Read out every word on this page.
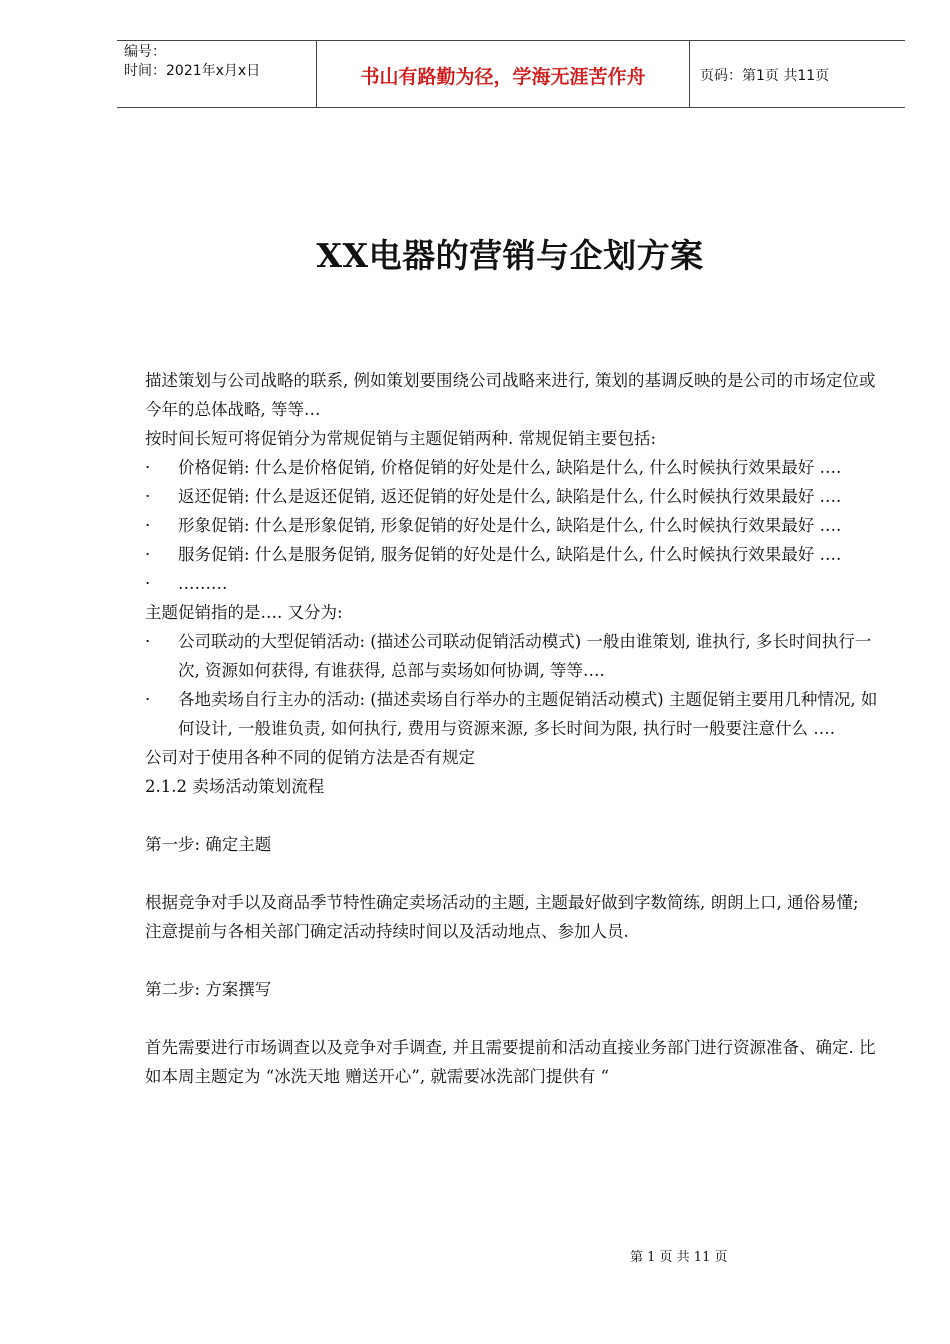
编号：
时间：2021年x月x日	书山有路勤为径，学海无涯苦作舟	页码：第1页 共11页
XX电器的营销与企划方案

描述策划与公司战略的联系, 例如策划要围绕公司战略来进行, 策划的基调反映的是公司的市场定位或今年的总体战略, 等等…

按时间长短可将促销分为常规促销与主题促销两种. 常规促销主要包括:

· 价格促销: 什么是价格促销, 价格促销的好处是什么, 缺陷是什么, 什么时候执行效果最好 ….
· 返还促销: 什么是返还促销, 返还促销的好处是什么, 缺陷是什么, 什么时候执行效果最好 ….
· 形象促销: 什么是形象促销, 形象促销的好处是什么, 缺陷是什么, 什么时候执行效果最好 ….
· 服务促销: 什么是服务促销, 服务促销的好处是什么, 缺陷是什么, 什么时候执行效果最好 ….
· ………

主题促销指的是…. 又分为:

· 公司联动的大型促销活动: (描述公司联动促销活动模式) 一般由谁策划, 谁执行, 多长时间执行一次, 资源如何获得, 有谁获得, 总部与卖场如何协调, 等等….
· 各地卖场自行主办的活动: (描述卖场自行举办的主题促销活动模式) 主题促销主要用几种情况, 如何设计, 一般谁负责, 如何执行, 费用与资源来源, 多长时间为限, 执行时一般要注意什么 ….

公司对于使用各种不同的促销方法是否有规定

2.1.2 卖场活动策划流程

第一步: 确定主题

根据竞争对手以及商品季节特性确定卖场活动的主题, 主题最好做到字数简练, 朗朗上口, 通俗易懂; 注意提前与各相关部门确定活动持续时间以及活动地点、参加人员.

第二步: 方案撰写

首先需要进行市场调查以及竞争对手调查, 并且需要提前和活动直接业务部门进行资源准备、确定. 比如本周主题定为 “冰洗天地 赠送开心”, 就需要冰洗部门提供有 “

第 1 页 共 11 页
